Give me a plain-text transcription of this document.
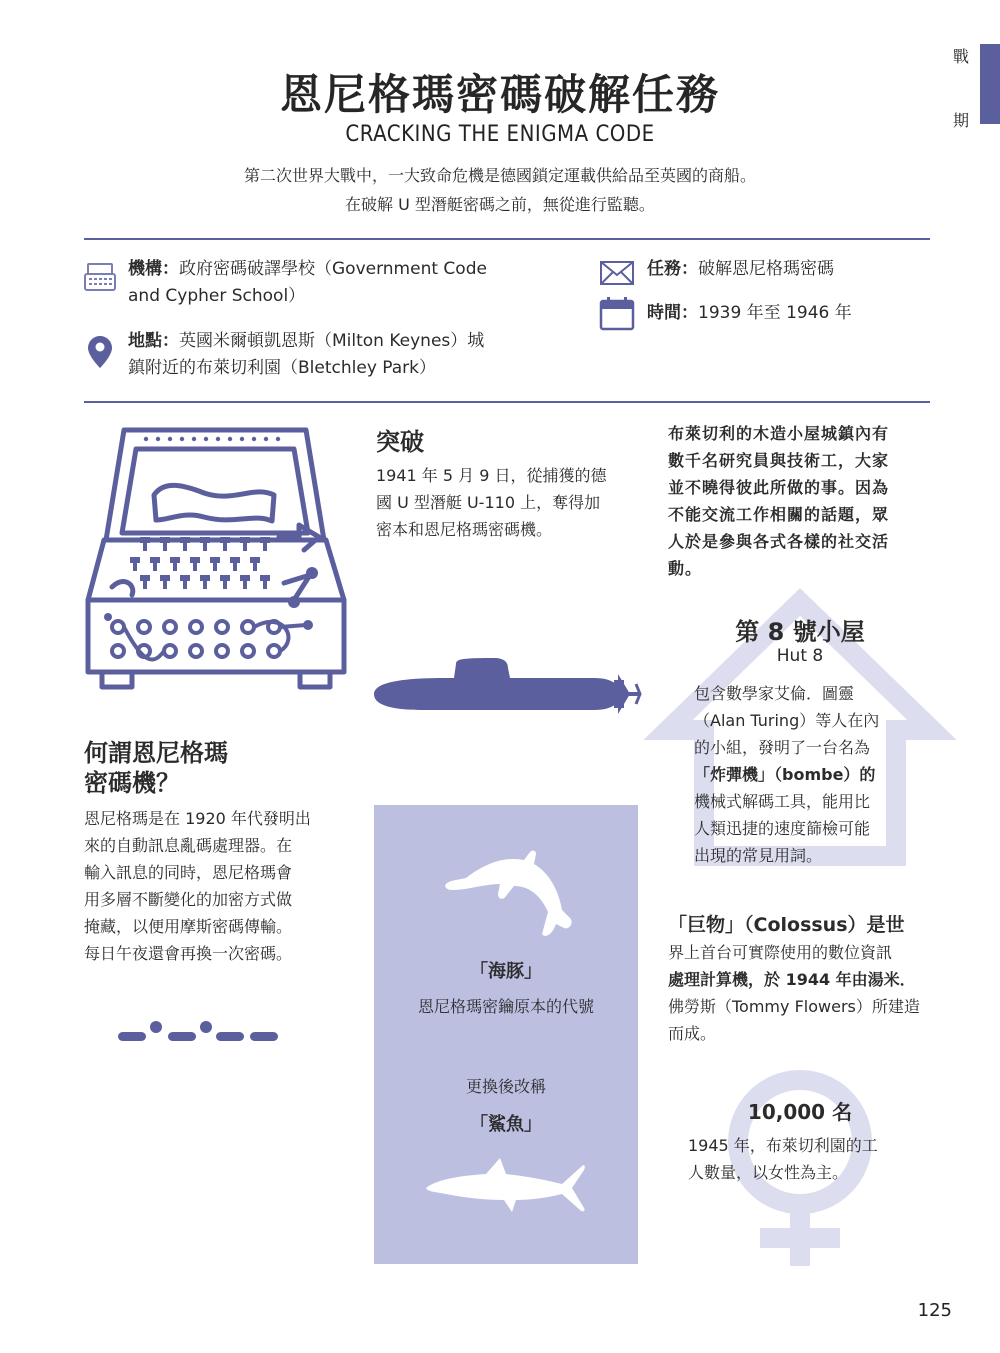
戰
期
恩尼格瑪密碼破解任務
CRACKING THE ENIGMA CODE
第二次世界大戰中，一大致命危機是德國鎖定運載供給品至英國的商船。
在破解 U 型潛艇密碼之前，無從進行監聽。
機構：政府密碼破譯學校（Government Code
and Cypher School）
地點：英國米爾頓凱恩斯（Milton Keynes）城
鎮附近的布萊切利園（Bletchley Park）
任務：破解恩尼格瑪密碼
時間：1939 年至 1946 年
突破
1941 年 5 月 9 日，從捕獲的德
國 U 型潛艇 U-110 上，奪得加
密本和恩尼格瑪密碼機。
何謂恩尼格瑪
密碼機？
恩尼格瑪是在 1920 年代發明出
來的自動訊息亂碼處理器。在
輸入訊息的同時，恩尼格瑪會
用多層不斷變化的加密方式做
掩藏，以便用摩斯密碼傳輸。
每日午夜還會再換一次密碼。
「海豚」
恩尼格瑪密鑰原本的代號
更換後改稱
「鯊魚」
布萊切利的木造小屋城鎮內有
數千名研究員與技術工，大家
並不曉得彼此所做的事。因為
不能交流工作相關的話題，眾
人於是參與各式各樣的社交活
動。
第 8 號小屋
Hut 8
包含數學家艾倫．圖靈
（Alan Turing）等人在內
的小組，發明了一台名為
「炸彈機」（bombe）的
機械式解碼工具，能用比
人類迅捷的速度篩檢可能
出現的常見用詞。
「巨物」（Colossus）是世
界上首台可實際使用的數位資訊
處理計算機，於 1944 年由湯米．
佛勞斯（Tommy Flowers）所建造
而成。
10,000 名
1945 年，布萊切利園的工
人數量，以女性為主。
125
